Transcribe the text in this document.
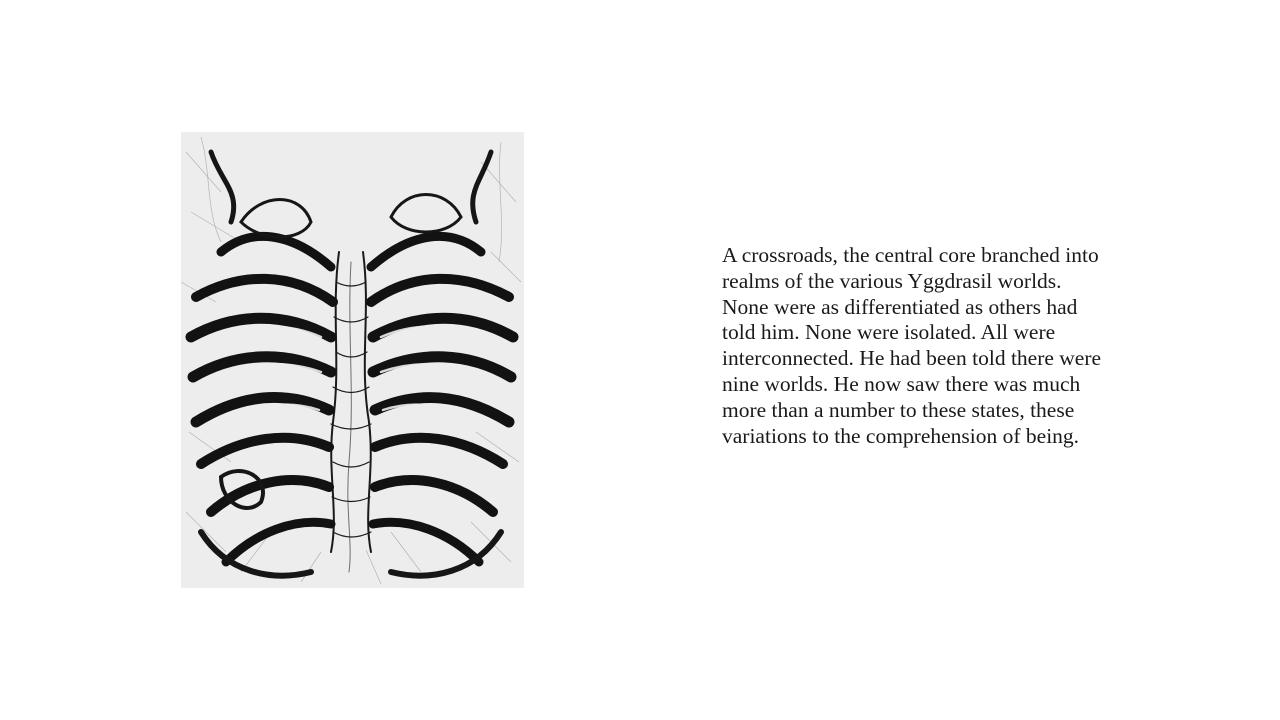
A crossroads, the central core branched into
realms of the various Yggdrasil worlds.
None were as differentiated as others had
told him. None were isolated. All were
interconnected. He had been told there were
nine worlds. He now saw there was much
more than a number to these states, these
variations to the comprehension of being.
